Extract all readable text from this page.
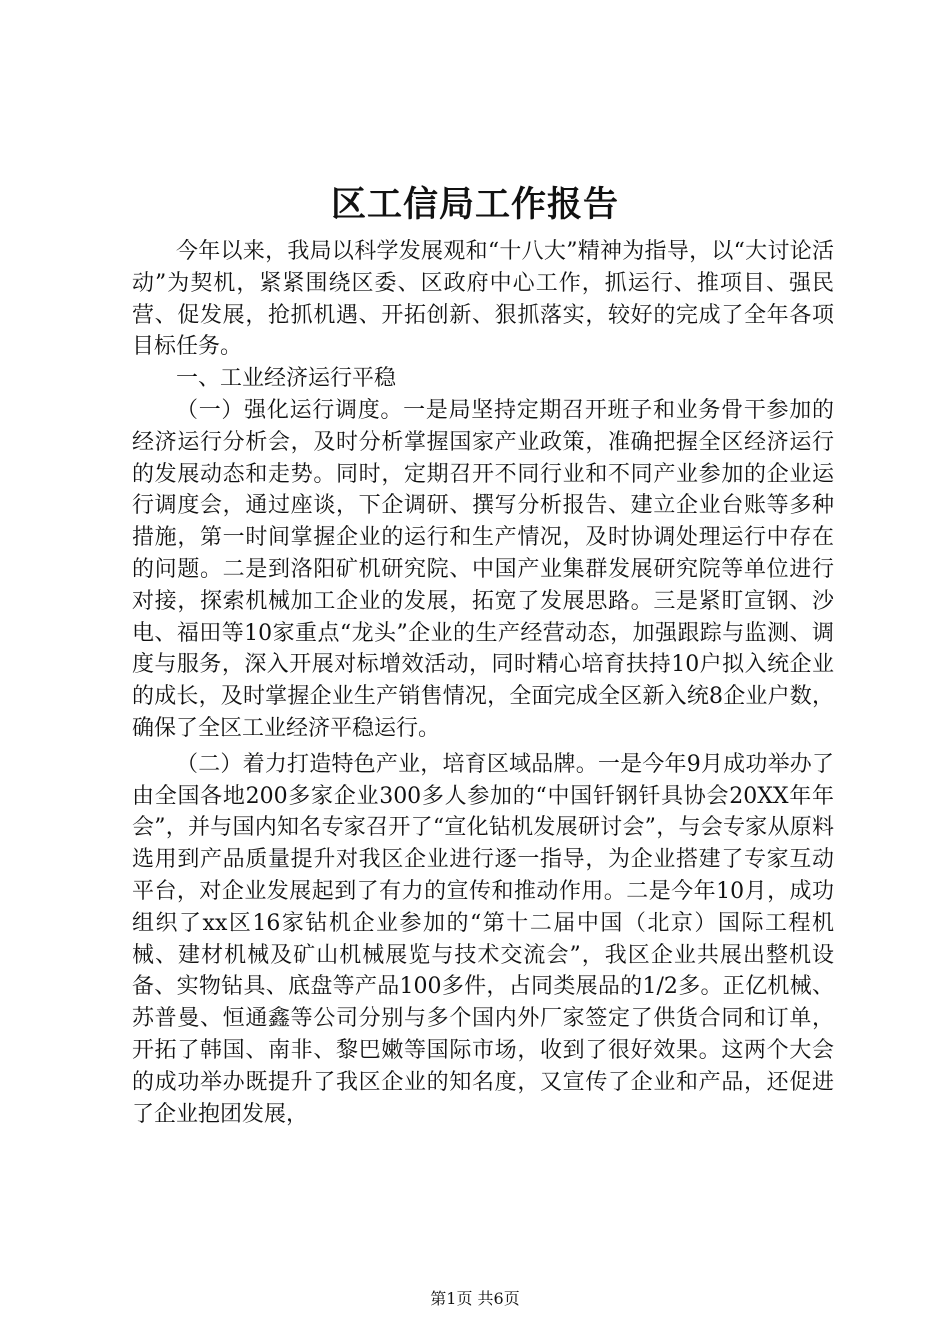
区工信局工作报告

今年以来，我局以科学发展观和“十八大”精神为指导，以“大讨论活动”为契机，紧紧围绕区委、区政府中心工作，抓运行、推项目、强民营、促发展，抢抓机遇、开拓创新、狠抓落实，较好的完成了全年各项目标任务。

一、工业经济运行平稳

（一）强化运行调度。一是局坚持定期召开班子和业务骨干参加的经济运行分析会，及时分析掌握国家产业政策，准确把握全区经济运行的发展动态和走势。同时，定期召开不同行业和不同产业参加的企业运行调度会，通过座谈，下企调研、撰写分析报告、建立企业台账等多种措施，第一时间掌握企业的运行和生产情况，及时协调处理运行中存在的问题。二是到洛阳矿机研究院、中国产业集群发展研究院等单位进行对接，探索机械加工企业的发展，拓宽了发展思路。三是紧盯宣钢、沙电、福田等10家重点“龙头”企业的生产经营动态，加强跟踪与监测、调度与服务，深入开展对标增效活动，同时精心培育扶持10户拟入统企业的成长，及时掌握企业生产销售情况，全面完成全区新入统8企业户数，确保了全区工业经济平稳运行。

（二）着力打造特色产业，培育区域品牌。一是今年9月成功举办了由全国各地200多家企业300多人参加的“中国钎钢钎具协会20XX年年会”，并与国内知名专家召开了“宣化钻机发展研讨会”，与会专家从原料选用到产品质量提升对我区企业进行逐一指导，为企业搭建了专家互动平台，对企业发展起到了有力的宣传和推动作用。二是今年10月，成功组织了xx区16家钻机企业参加的“第十二届中国（北京）国际工程机械、建材机械及矿山机械展览与技术交流会”，我区企业共展出整机设备、实物钻具、底盘等产品100多件，占同类展品的1/2多。正亿机械、苏普曼、恒通鑫等公司分别与多个国内外厂家签定了供货合同和订单，开拓了韩国、南非、黎巴嫩等国际市场，收到了很好效果。这两个大会的成功举办既提升了我区企业的知名度，又宣传了企业和产品，还促进了企业抱团发展，

第1页 共6页
